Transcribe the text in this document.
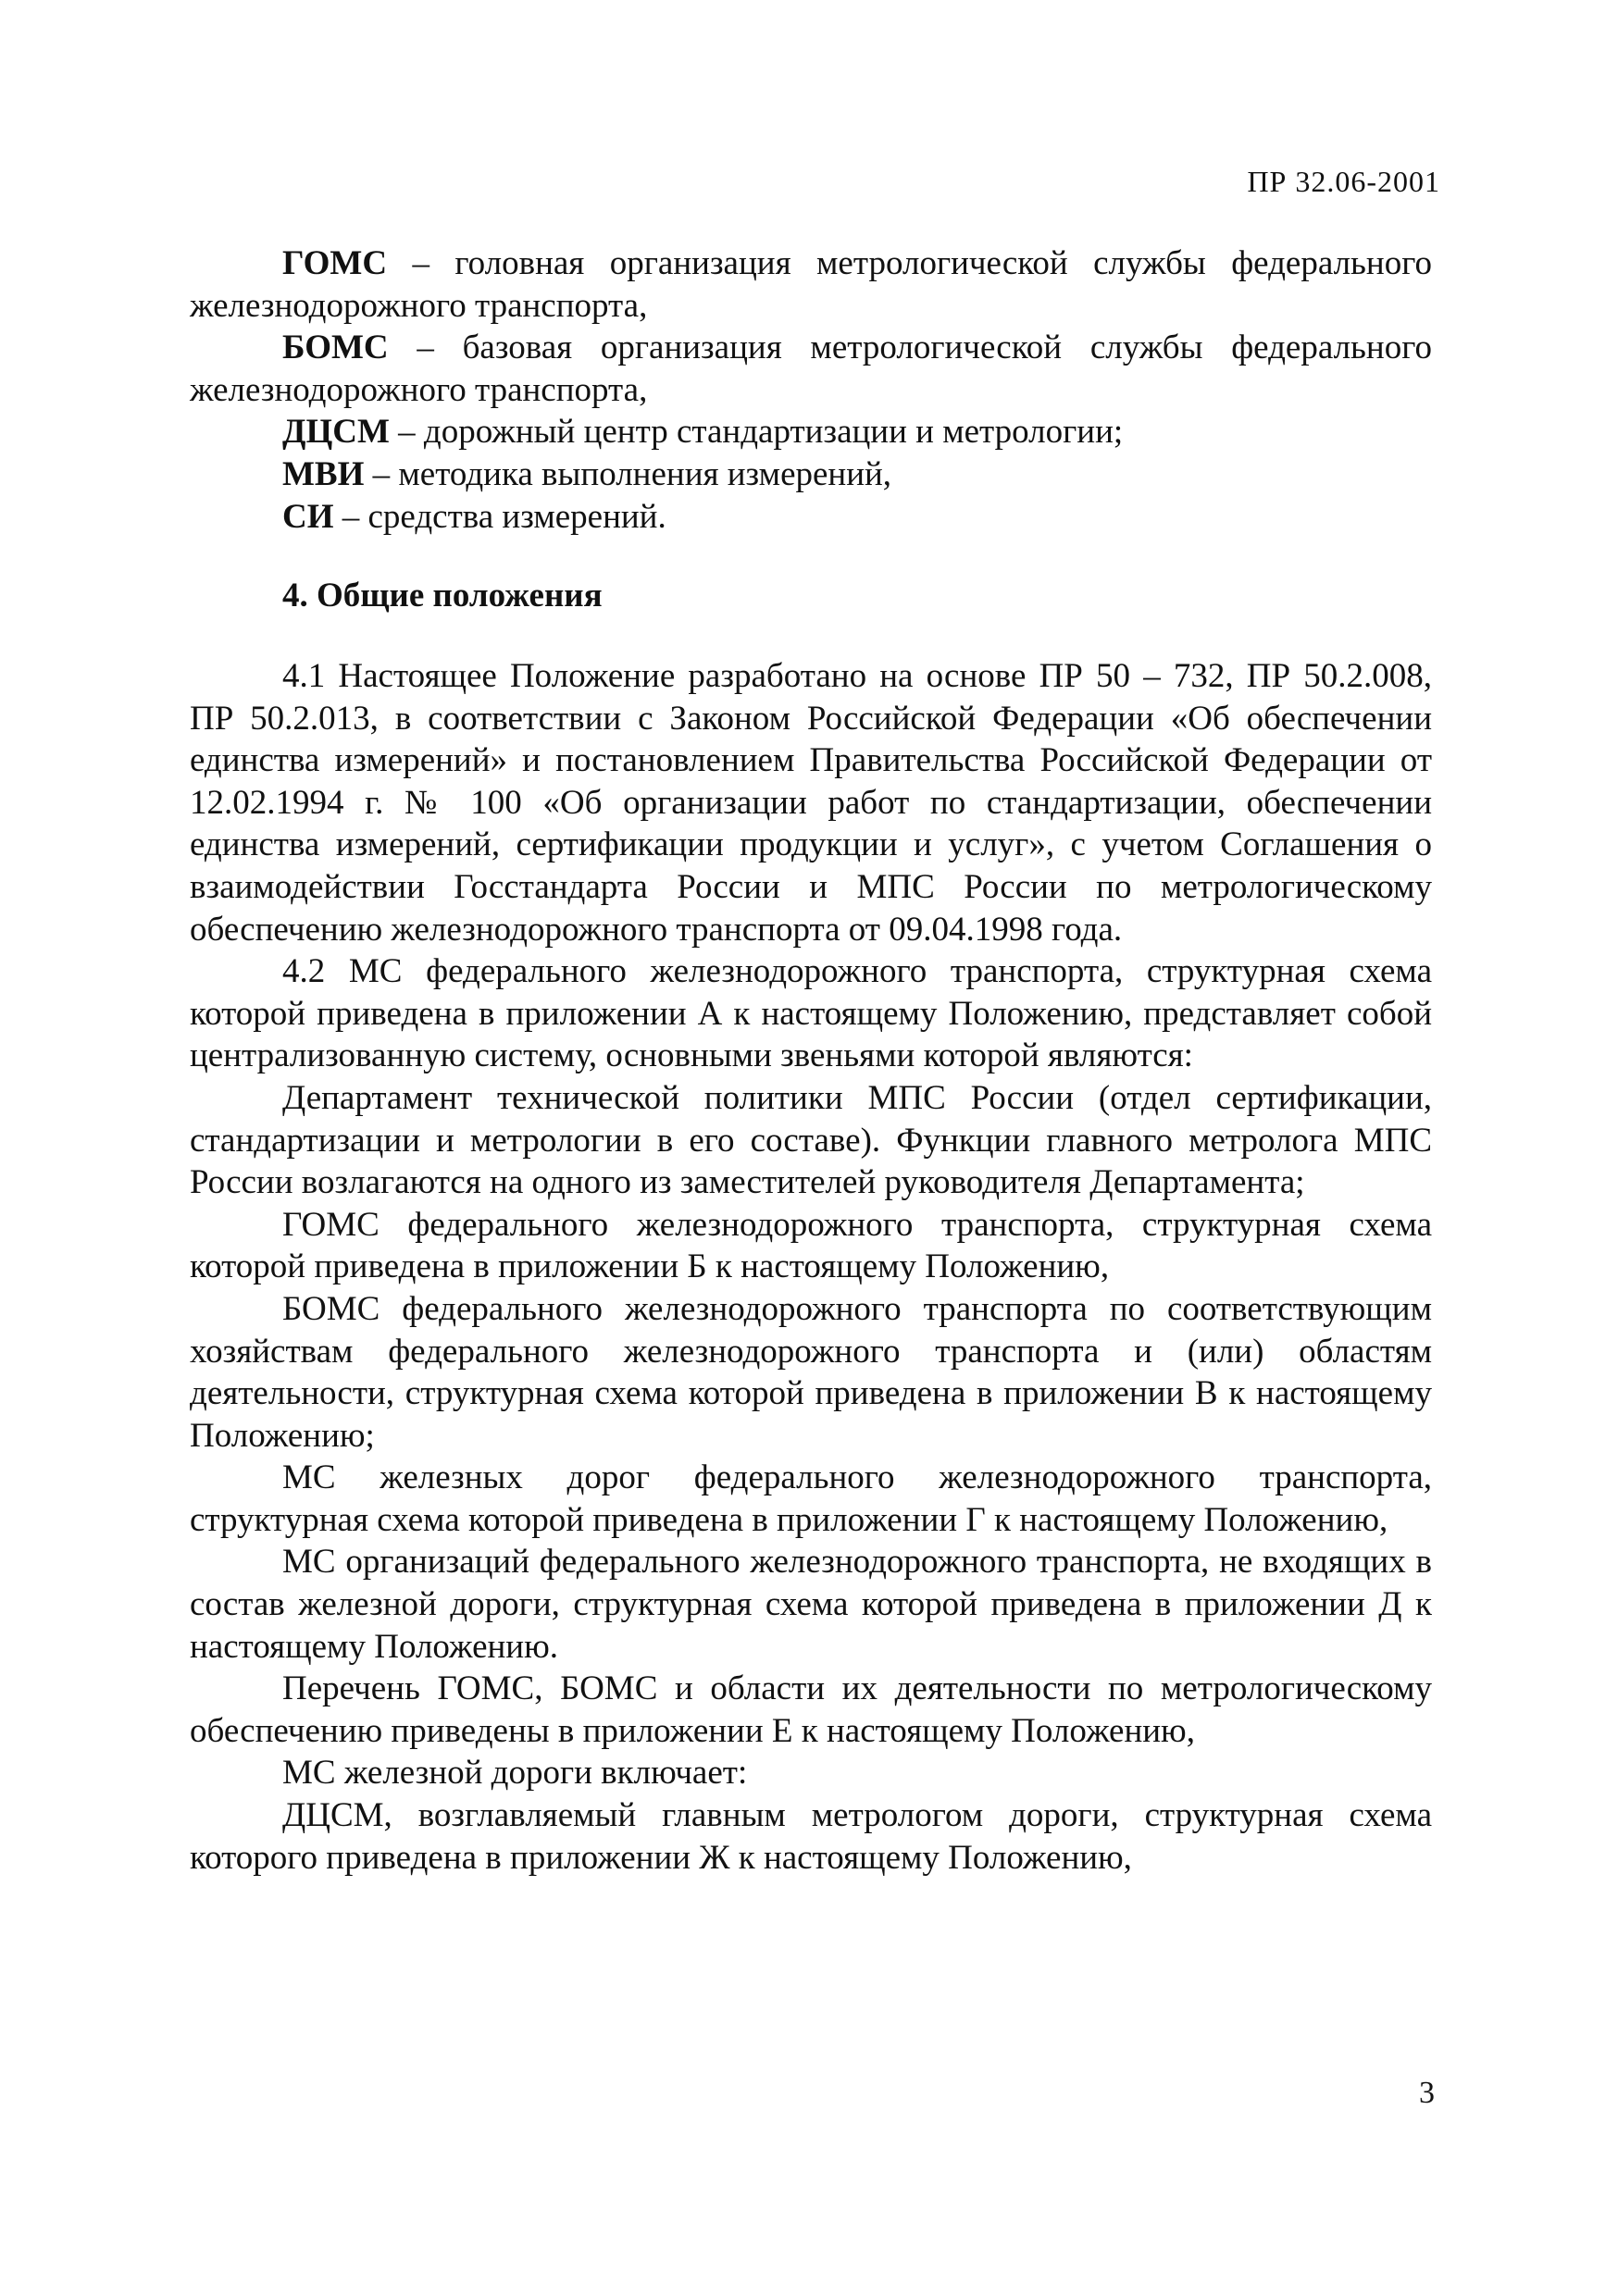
ПР 32.06-2001

ГОМС – головная организация метрологической службы федерального железнодорожного транспорта,

БОМС – базовая организация метрологической службы федерального железнодорожного транспорта,

ДЦСМ – дорожный центр стандартизации и метрологии;

МВИ – методика выполнения измерений,

СИ – средства измерений.

4. Общие положения

4.1 Настоящее Положение разработано на основе ПР 50 – 732, ПР 50.2.008, ПР 50.2.013, в соответствии с Законом Российской Федерации «Об обеспечении единства измерений» и постановлением Правительства Российской Федерации от 12.02.1994 г. № 100 «Об организации работ по стандартизации, обеспечении единства измерений, сертификации продукции и услуг», с учетом Соглашения о взаимодействии Госстандарта России и МПС России по метрологическому обеспечению железнодорожного транспорта от 09.04.1998 года.

4.2 МС федерального железнодорожного транспорта, структурная схема которой приведена в приложении А к настоящему Положению, представляет собой централизованную систему, основными звеньями которой являются:

Департамент технической политики МПС России (отдел сертификации, стандартизации и метрологии в его составе). Функции главного метролога МПС России возлагаются на одного из заместителей руководителя Департамента;

ГОМС федерального железнодорожного транспорта, структурная схема которой приведена в приложении Б к настоящему Положению,

БОМС федерального железнодорожного транспорта по соответствующим хозяйствам федерального железнодорожного транспорта и (или) областям деятельности, структурная схема которой приведена в приложении В к настоящему Положению;

МС железных дорог федерального железнодорожного транспорта, структурная схема которой приведена в приложении Г к настоящему Положению,

МС организаций федерального железнодорожного транспорта, не входящих в состав железной дороги, структурная схема которой приведена в приложении Д к настоящему Положению.

Перечень ГОМС, БОМС и области их деятельности по метрологическому обеспечению приведены в приложении Е к настоящему Положению,

МС железной дороги включает:

ДЦСМ, возглавляемый главным метрологом дороги, структурная схема которого приведена в приложении Ж к настоящему Положению,

3
